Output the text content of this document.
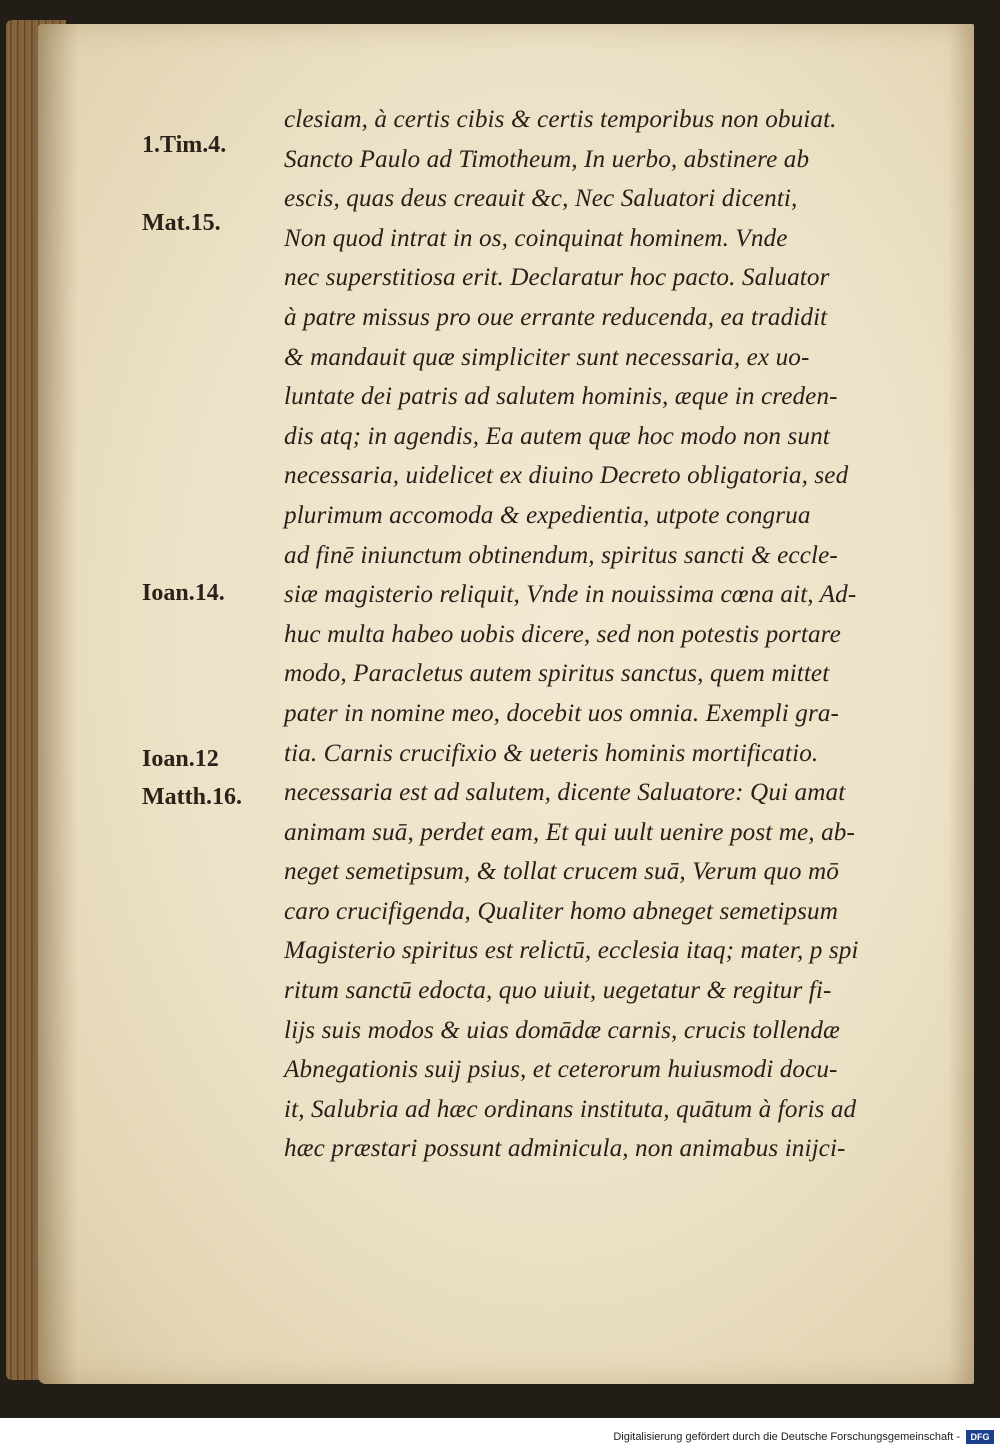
1.Tim.4.
Mat.15.
Ioan.14.
Ioan.12
Matth.16.
clesiam, à certis cibis & certis temporibus non obuiat.
Sancto Paulo ad Timotheum, In uerbo, abstinere ab
escis, quas deus creauit &c, Nec Saluatori dicenti,
Non quod intrat in os, coinquinat hominem. Vnde
nec superstitiosa erit. Declaratur hoc pacto. Saluator
à patre missus pro oue errante reducenda, ea tradidit
& mandauit quæ simpliciter sunt necessaria, ex uo-
luntate dei patris ad salutem hominis, æque in creden-
dis atq; in agendis, Ea autem quæ hoc modo non sunt
necessaria, uidelicet ex diuino Decreto obligatoria, sed
plurimum accomoda & expedientia, utpote congrua
ad finē iniunctum obtinendum, spiritus sancti & eccle-
siæ magisterio reliquit, Vnde in nouissima cœna ait, Ad-
huc multa habeo uobis dicere, sed non potestis portare
modo, Paracletus autem spiritus sanctus, quem mittet
pater in nomine meo, docebit uos omnia. Exempli gra-
tia. Carnis crucifixio & ueteris hominis mortificatio.
necessaria est ad salutem, dicente Saluatore: Qui amat
animam suā, perdet eam, Et qui uult uenire post me, ab-
neget semetipsum, & tollat crucem suā, Verum quo mō
caro crucifigenda, Qualiter homo abneget semetipsum
Magisterio spiritus est relictū, ecclesia itaq; mater, p spi
ritum sanctū edocta, quo uiuit, uegetatur & regitur fi-
lijs suis modos & uias domādæ carnis, crucis tollendæ
Abnegationis suij psius, et ceterorum huiusmodi docu-
it, Salubria ad hæc ordinans instituta, quātum à foris ad
hæc præstari possunt adminicula, non animabus inijci-
Digitalisierung gefördert durch die Deutsche Forschungsgemeinschaft -	DFG
